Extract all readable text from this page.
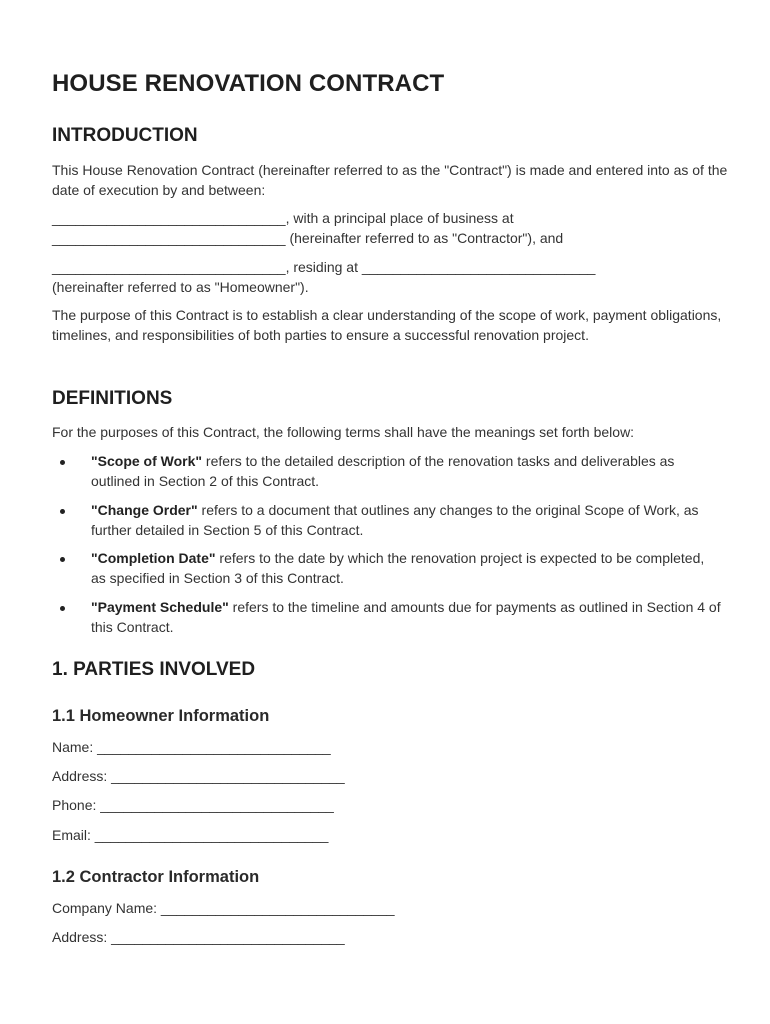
HOUSE RENOVATION CONTRACT
INTRODUCTION

This House Renovation Contract (hereinafter referred to as the "Contract") is made and entered into as of the date of execution by and between:

______________________________, with a principal place of business at

______________________________ (hereinafter referred to as "Contractor"), and

______________________________, residing at ______________________________

(hereinafter referred to as "Homeowner").

The purpose of this Contract is to establish a clear understanding of the scope of work, payment obligations, timelines, and responsibilities of both parties to ensure a successful renovation project.

DEFINITIONS

For the purposes of this Contract, the following terms shall have the meanings set forth below:

"Scope of Work" refers to the detailed description of the renovation tasks and deliverables as outlined in Section 2 of this Contract.
"Change Order" refers to a document that outlines any changes to the original Scope of Work, as further detailed in Section 5 of this Contract.
"Completion Date" refers to the date by which the renovation project is expected to be completed, as specified in Section 3 of this Contract.
"Payment Schedule" refers to the timeline and amounts due for payments as outlined in Section 4 of this Contract.
1. PARTIES INVOLVED
1.1 Homeowner Information

Name: ______________________________

Address: ______________________________

Phone: ______________________________

Email: ______________________________

1.2 Contractor Information

Company Name: ______________________________

Address: ______________________________
